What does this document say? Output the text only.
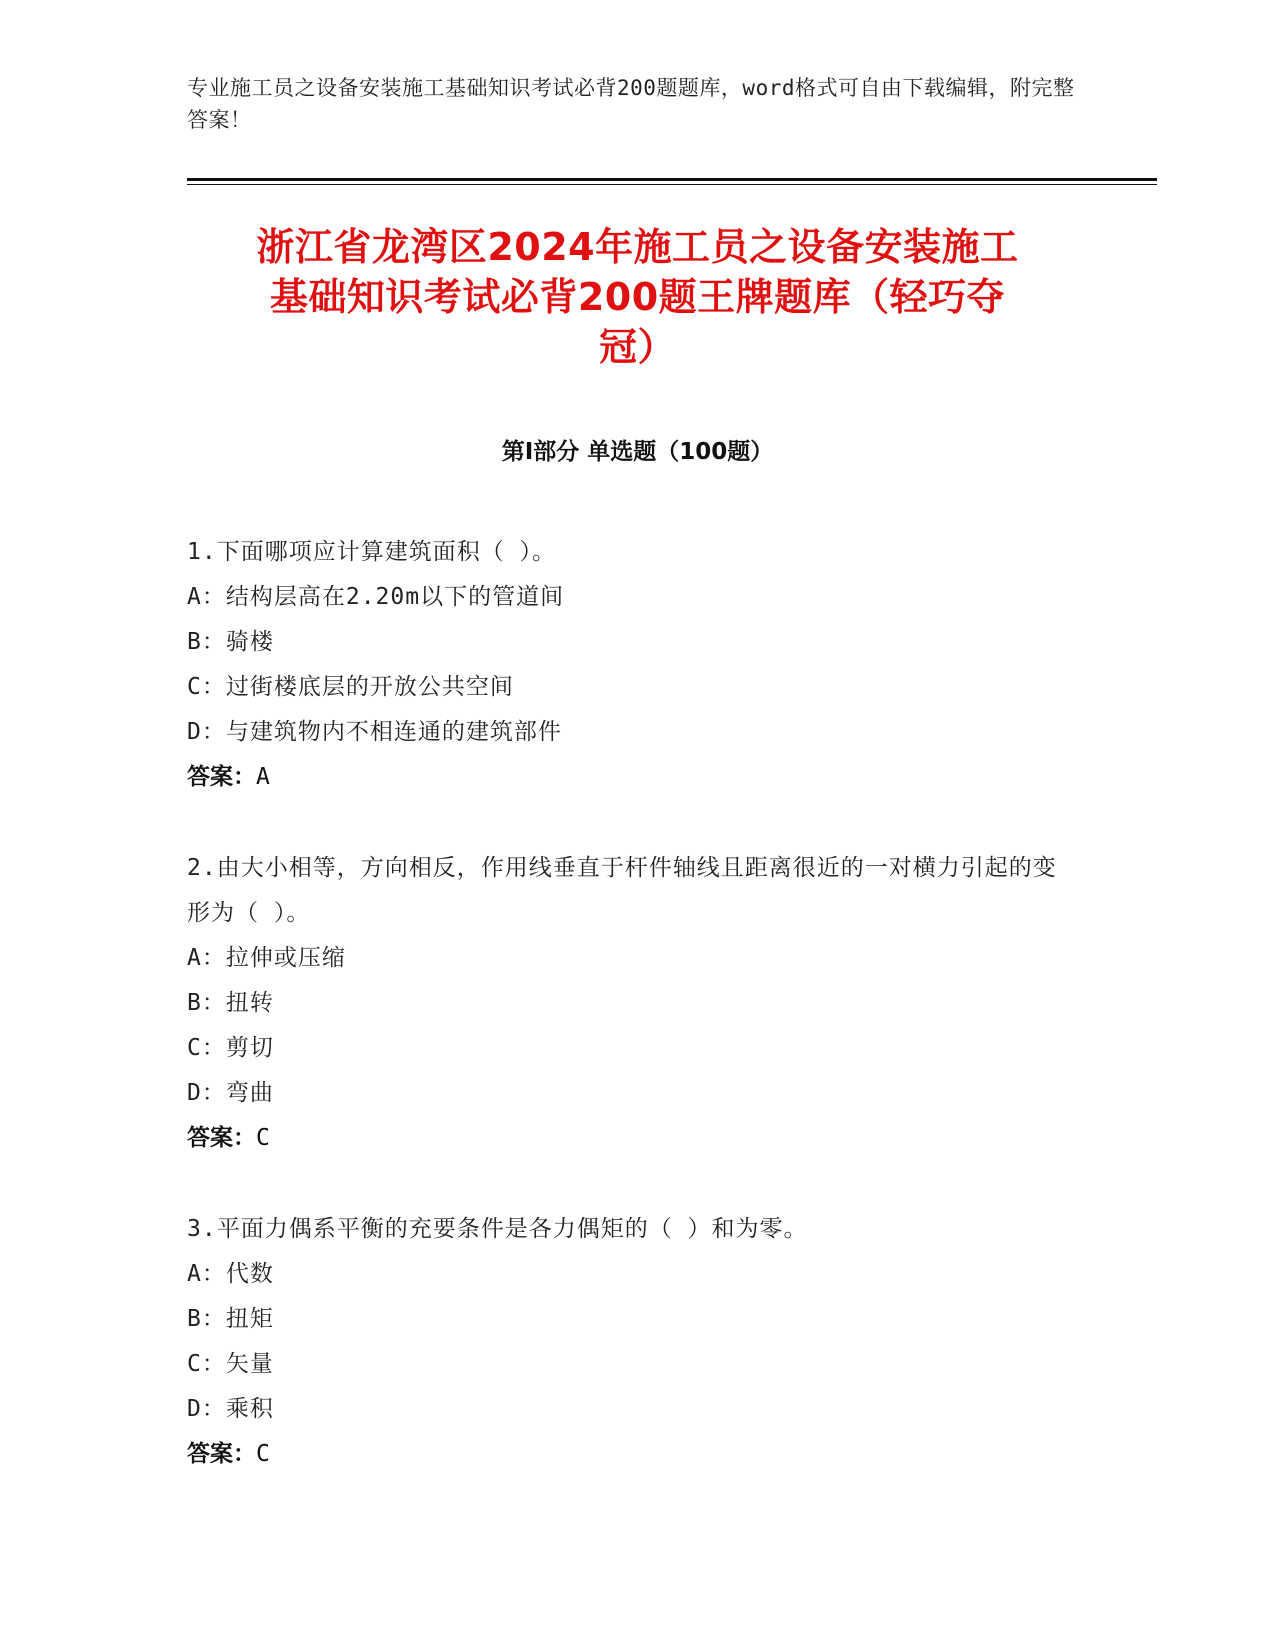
专业施工员之设备安装施工基础知识考试必背200题题库，word格式可自由下载编辑，附完整答案！
浙江省龙湾区2024年施工员之设备安装施工
基础知识考试必背200题王牌题库（轻巧夺
冠）
第I部分 单选题（100题）
1.下面哪项应计算建筑面积（ ）。
A：结构层高在2.20m以下的管道间
B：骑楼
C：过街楼底层的开放公共空间
D：与建筑物内不相连通的建筑部件
答案：A
2.由大小相等，方向相反，作用线垂直于杆件轴线且距离很近的一对横力引起的变形为（ ）。
A：拉伸或压缩
B：扭转
C：剪切
D：弯曲
答案：C
3.平面力偶系平衡的充要条件是各力偶矩的（ ）和为零。
A：代数
B：扭矩
C：矢量
D：乘积
答案：C
